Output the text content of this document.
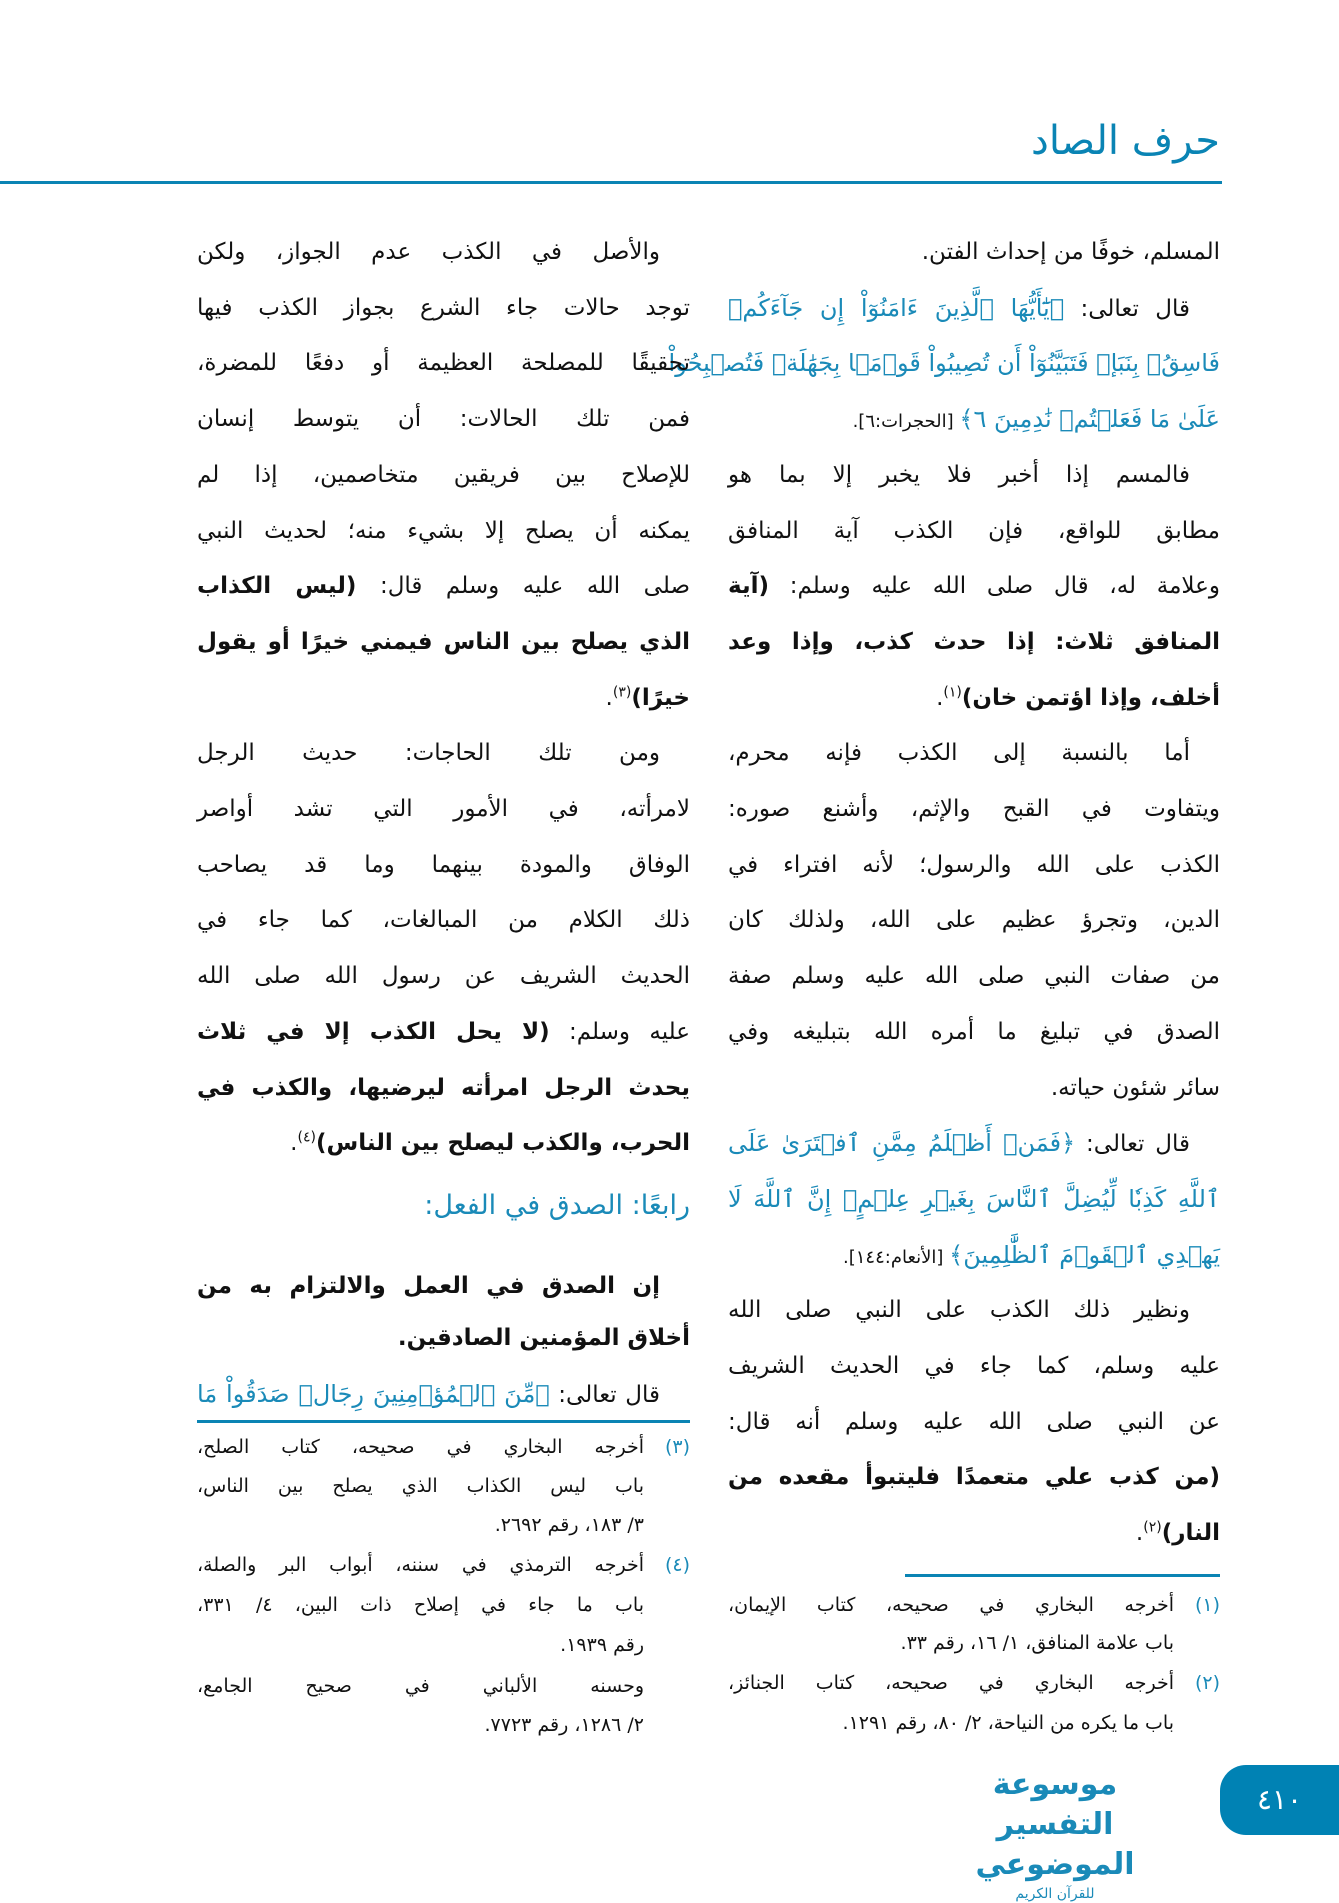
حرف الصاد
المسلم، خوفًا من إحداث الفتن.
قال تعالى: ﴿يَٰٓأَيُّهَا ٱلَّذِينَ ءَامَنُوٓاْ إِن جَآءَكُمۡ
فَاسِقُۢ بِنَبَإٖ فَتَبَيَّنُوٓاْ أَن تُصِيبُواْ قَوۡمَۢا بِجَهَٰلَةٖ فَتُصۡبِحُواْ
عَلَىٰ مَا فَعَلۡتُمۡ نَٰدِمِينَ ٦﴾ [الحجرات:٦].
فالمسم إذا أخبر فلا يخبر إلا بما هو
مطابق للواقع، فإن الكذب آية المنافق
وعلامة له، قال صلى الله عليه وسلم: (آية
المنافق ثلاث: إذا حدث كذب، وإذا وعد
أخلف، وإذا اؤتمن خان)$^{(١)}$.
أما بالنسبة إلى الكذب فإنه محرم،
ويتفاوت في القبح والإثم، وأشنع صوره:
الكذب على الله والرسول؛ لأنه افتراء في
الدين، وتجرؤ عظيم على الله، ولذلك كان
من صفات النبي صلى الله عليه وسلم صفة
الصدق في تبليغ ما أمره الله بتبليغه وفي
سائر شئون حياته.
قال تعالى: ﴿فَمَنۡ أَظۡلَمُ مِمَّنِ ٱفۡتَرَىٰ عَلَى
ٱللَّهِ كَذِبٗا لِّيُضِلَّ ٱلنَّاسَ بِغَيۡرِ عِلۡمٍۚ إِنَّ ٱللَّهَ لَا
يَهۡدِي ٱلۡقَوۡمَ ٱلظَّٰلِمِينَ﴾ [الأنعام:١٤٤].
ونظير ذلك الكذب على النبي صلى الله
عليه وسلم، كما جاء في الحديث الشريف
عن النبي صلى الله عليه وسلم أنه قال:
(من كذب علي متعمدًا فليتبوأ مقعده من
النار)$^{(٢)}$.
(١)أخرجه البخاري في صحيحه، كتاب الإيمان،
باب علامة المنافق، ١/ ١٦، رقم ٣٣.
(٢)أخرجه البخاري في صحيحه، كتاب الجنائز،
باب ما يكره من النياحة، ٢/ ٨٠، رقم ١٢٩١.
والأصل في الكذب عدم الجواز، ولكن
توجد حالات جاء الشرع بجواز الكذب فيها
تحقيقًا للمصلحة العظيمة أو دفعًا للمضرة،
فمن تلك الحالات: أن يتوسط إنسان
للإصلاح بين فريقين متخاصمين، إذا لم
يمكنه أن يصلح إلا بشيء منه؛ لحديث النبي
صلى الله عليه وسلم قال: (ليس الكذاب
الذي يصلح بين الناس فيمني خيرًا أو يقول
خيرًا)$^{(٣)}$.
ومن تلك الحاجات: حديث الرجل
لامرأته، في الأمور التي تشد أواصر
الوفاق والمودة بينهما وما قد يصاحب
ذلك الكلام من المبالغات، كما جاء في
الحديث الشريف عن رسول الله صلى الله
عليه وسلم: (لا يحل الكذب إلا في ثلاث
يحدث الرجل امرأته ليرضيها، والكذب في
الحرب، والكذب ليصلح بين الناس)$^{(٤)}$.
إن الصدق في العمل والالتزام به من
أخلاق المؤمنين الصادقين.
قال تعالى: ﴿مِّنَ ٱلۡمُؤۡمِنِينَ رِجَالٞ صَدَقُواْ مَا
رابعًا: الصدق في الفعل:
(٣)أخرجه البخاري في صحيحه، كتاب الصلح،
باب ليس الكذاب الذي يصلح بين الناس،
٣/ ١٨٣، رقم ٢٦٩٢.
(٤)أخرجه الترمذي في سننه، أبواب البر والصلة،
باب ما جاء في إصلاح ذات البين، ٤/ ٣٣١،
رقم ١٩٣٩.
وحسنه الألباني في صحيح الجامع،
٢/ ١٢٨٦، رقم ٧٧٢٣.
٤١٠
موسوعة التفسير الموضوعي
للقرآن الكريم
